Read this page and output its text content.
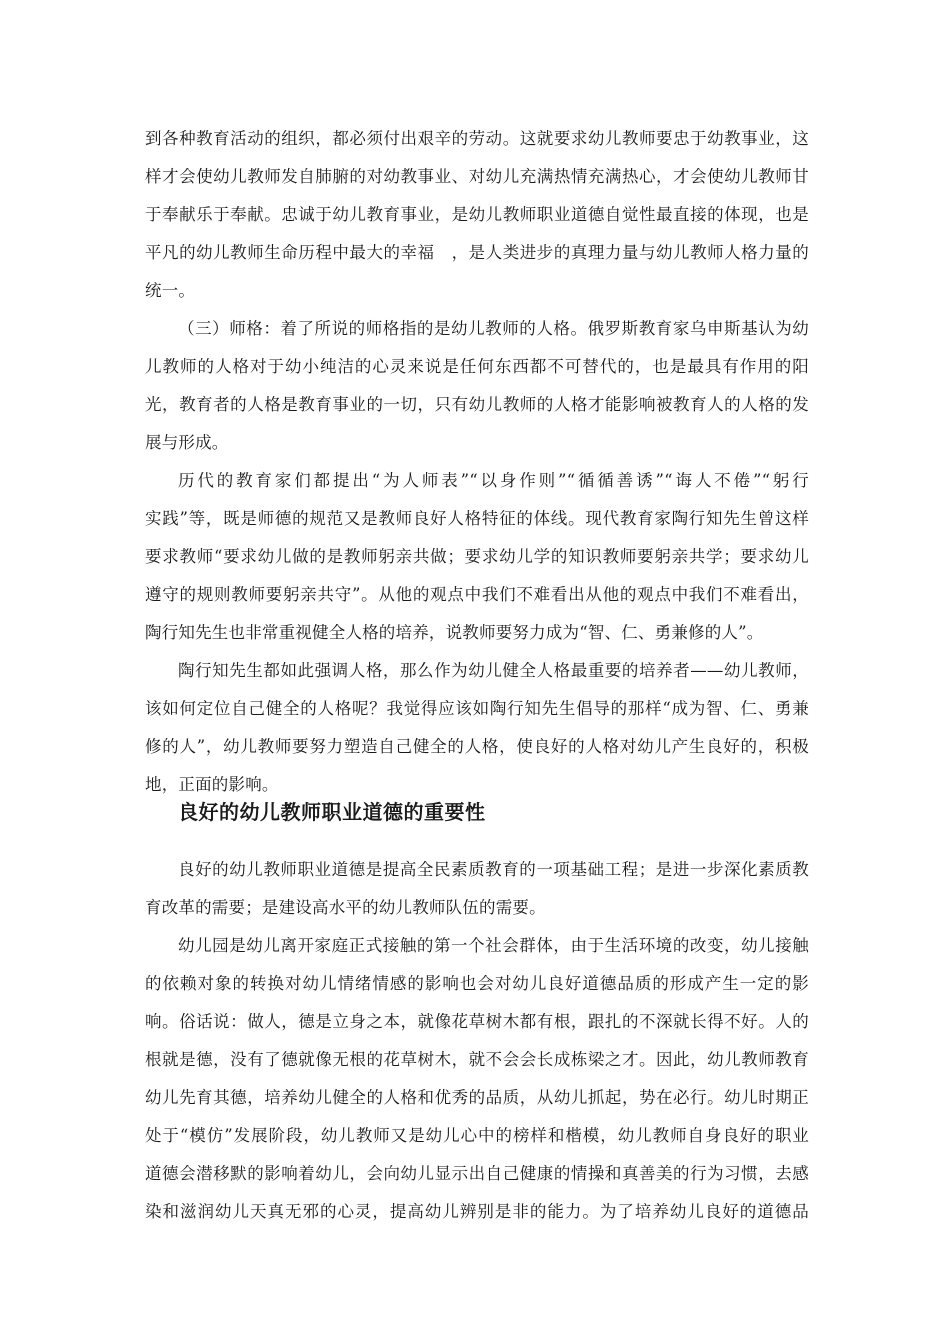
到各种教育活动的组织，都必须付出艰辛的劳动。这就要求幼儿教师要忠于幼教事业，这
样才会使幼儿教师发自肺腑的对幼教事业、对幼儿充满热情充满热心，才会使幼儿教师甘
于奉献乐于奉献。忠诚于幼儿教育事业，是幼儿教师职业道德自觉性最直接的体现，也是
平凡的幼儿教师生命历程中最大的幸福　，是人类进步的真理力量与幼儿教师人格力量的
统一。
（三）师格：着了所说的师格指的是幼儿教师的人格。俄罗斯教育家乌申斯基认为幼
儿教师的人格对于幼小纯洁的心灵来说是任何东西都不可替代的，也是最具有作用的阳
光，教育者的人格是教育事业的一切，只有幼儿教师的人格才能影响被教育人的人格的发
展与形成。
历代的教育家们都提出“为人师表”“以身作则”“循循善诱”“诲人不倦”“躬行
实践”等，既是师德的规范又是教师良好人格特征的体线。现代教育家陶行知先生曾这样
要求教师“要求幼儿做的是教师躬亲共做；要求幼儿学的知识教师要躬亲共学；要求幼儿
遵守的规则教师要躬亲共守”。从他的观点中我们不难看出从他的观点中我们不难看出，
陶行知先生也非常重视健全人格的培养，说教师要努力成为“智、仁、勇兼修的人”。
陶行知先生都如此强调人格，那么作为幼儿健全人格最重要的培养者——幼儿教师，
该如何定位自己健全的人格呢？我觉得应该如陶行知先生倡导的那样“成为智、仁、勇兼
修的人”，幼儿教师要努力塑造自己健全的人格，使良好的人格对幼儿产生良好的，积极
地，正面的影响。
良好的幼儿教师职业道德的重要性
良好的幼儿教师职业道德是提高全民素质教育的一项基础工程；是进一步深化素质教
育改革的需要；是建设高水平的幼儿教师队伍的需要。
幼儿园是幼儿离开家庭正式接触的第一个社会群体，由于生活环境的改变，幼儿接触
的依赖对象的转换对幼儿情绪情感的影响也会对幼儿良好道德品质的形成产生一定的影
响。俗话说：做人，德是立身之本，就像花草树木都有根，跟扎的不深就长得不好。人的
根就是德，没有了德就像无根的花草树木，就不会会长成栋梁之才。因此，幼儿教师教育
幼儿先育其德，培养幼儿健全的人格和优秀的品质，从幼儿抓起，势在必行。幼儿时期正
处于“模仿”发展阶段，幼儿教师又是幼儿心中的榜样和楷模，幼儿教师自身良好的职业
道德会潜移默的影响着幼儿，会向幼儿显示出自己健康的情操和真善美的行为习惯，去感
染和滋润幼儿天真无邪的心灵，提高幼儿辨别是非的能力。为了培养幼儿良好的道德品
